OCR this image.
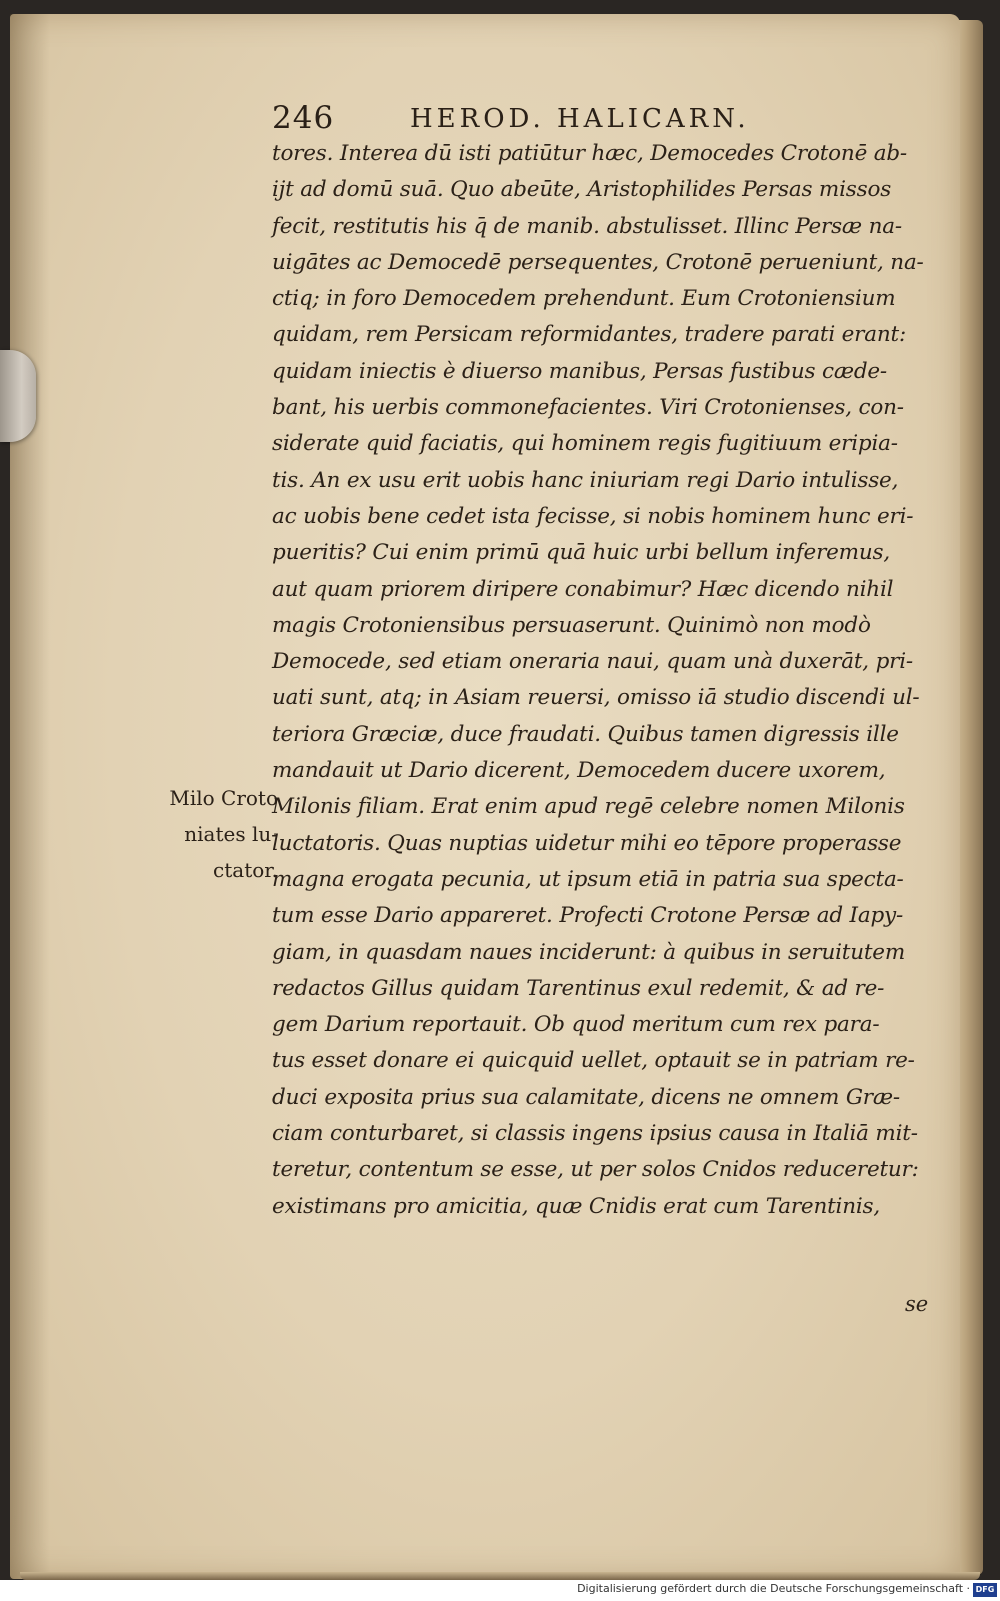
246	HEROD. HALICARN.
tores. Interea dū isti patiūtur hæc, Democedes Crotonē ab-
ijt ad domū suā. Quo abeūte, Aristophilides Persas missos
fecit, restitutis his q̄ de manib. abstulisset. Illinc Persæ na-
uigātes ac Democedē persequentes, Crotonē perueniunt, na-
ctiq; in foro Democedem prehendunt. Eum Crotoniensium
quidam, rem Persicam reformidantes, tradere parati erant:
quidam iniectis è diuerso manibus, Persas fustibus cæde-
bant, his uerbis commonefacientes. Viri Crotonienses, con-
siderate quid faciatis, qui hominem regis fugitiuum eripia-
tis. An ex usu erit uobis hanc iniuriam regi Dario intulisse,
ac uobis bene cedet ista fecisse, si nobis hominem hunc eri-
pueritis? Cui enim primū quā huic urbi bellum inferemus,
aut quam priorem diripere conabimur? Hæc dicendo nihil
magis Crotoniensibus persuaserunt. Quinimò non modò
Democede, sed etiam oneraria naui, quam unà duxerāt, pri-
uati sunt, atq; in Asiam reuersi, omisso iā studio discendi ul-
teriora Græciæ, duce fraudati. Quibus tamen digressis ille
mandauit ut Dario dicerent, Democedem ducere uxorem,
Milonis filiam. Erat enim apud regē celebre nomen Milonis
luctatoris. Quas nuptias uidetur mihi eo tēpore properasse
magna erogata pecunia, ut ipsum etiā in patria sua specta-
tum esse Dario appareret. Profecti Crotone Persæ ad Iapy-
giam, in quasdam naues inciderunt: à quibus in seruitutem
redactos Gillus quidam Tarentinus exul redemit, & ad re-
gem Darium reportauit. Ob quod meritum cum rex para-
tus esset donare ei quicquid uellet, optauit se in patriam re-
duci exposita prius sua calamitate, dicens ne omnem Græ-
ciam conturbaret, si classis ingens ipsius causa in Italiā mit-
teretur, contentum se esse, ut per solos Cnidos reduceretur:
existimans pro amicitia, quæ Cnidis erat cum Tarentinis,
se
Milo Croto
niates lu-
ctator.
Digitalisierung gefördert durch die Deutsche Forschungsgemeinschaft · DFG
